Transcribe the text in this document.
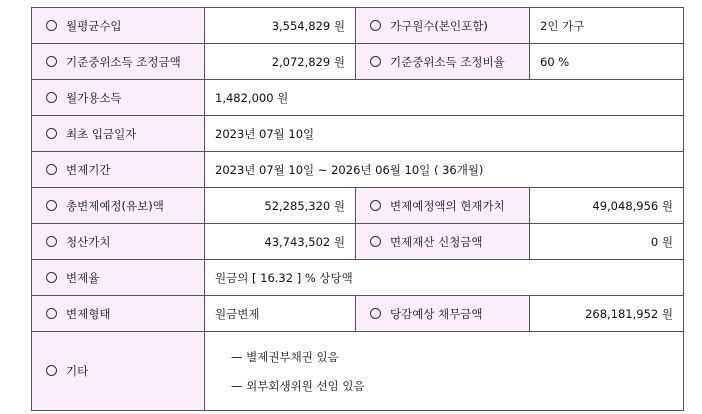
월평균수입	3,554,829 원	가구원수(본인포함)	2인 가구
기준중위소득 조정금액	2,072,829 원	기준중위소득 조정비율	60 %
월가용소득	1,482,000 원		
최초 입금일자	2023년 07월 10일		
변제기간	2023년 07월 10일 ~ 2026년 06월 10일 ( 36개월)		
총변제예정(유보)액	52,285,320 원	변제예정액의 현재가치	49,048,956 원
청산가치	43,743,502 원	면제재산 신청금액	0 원
변제율	원금의 [ 16.32 ] % 상당액		
변제형태	원금변제	당감예상 채무금액	268,181,952 원
기타	— 별제권부채권 있음
— 외부회생위원 선임 있음		
